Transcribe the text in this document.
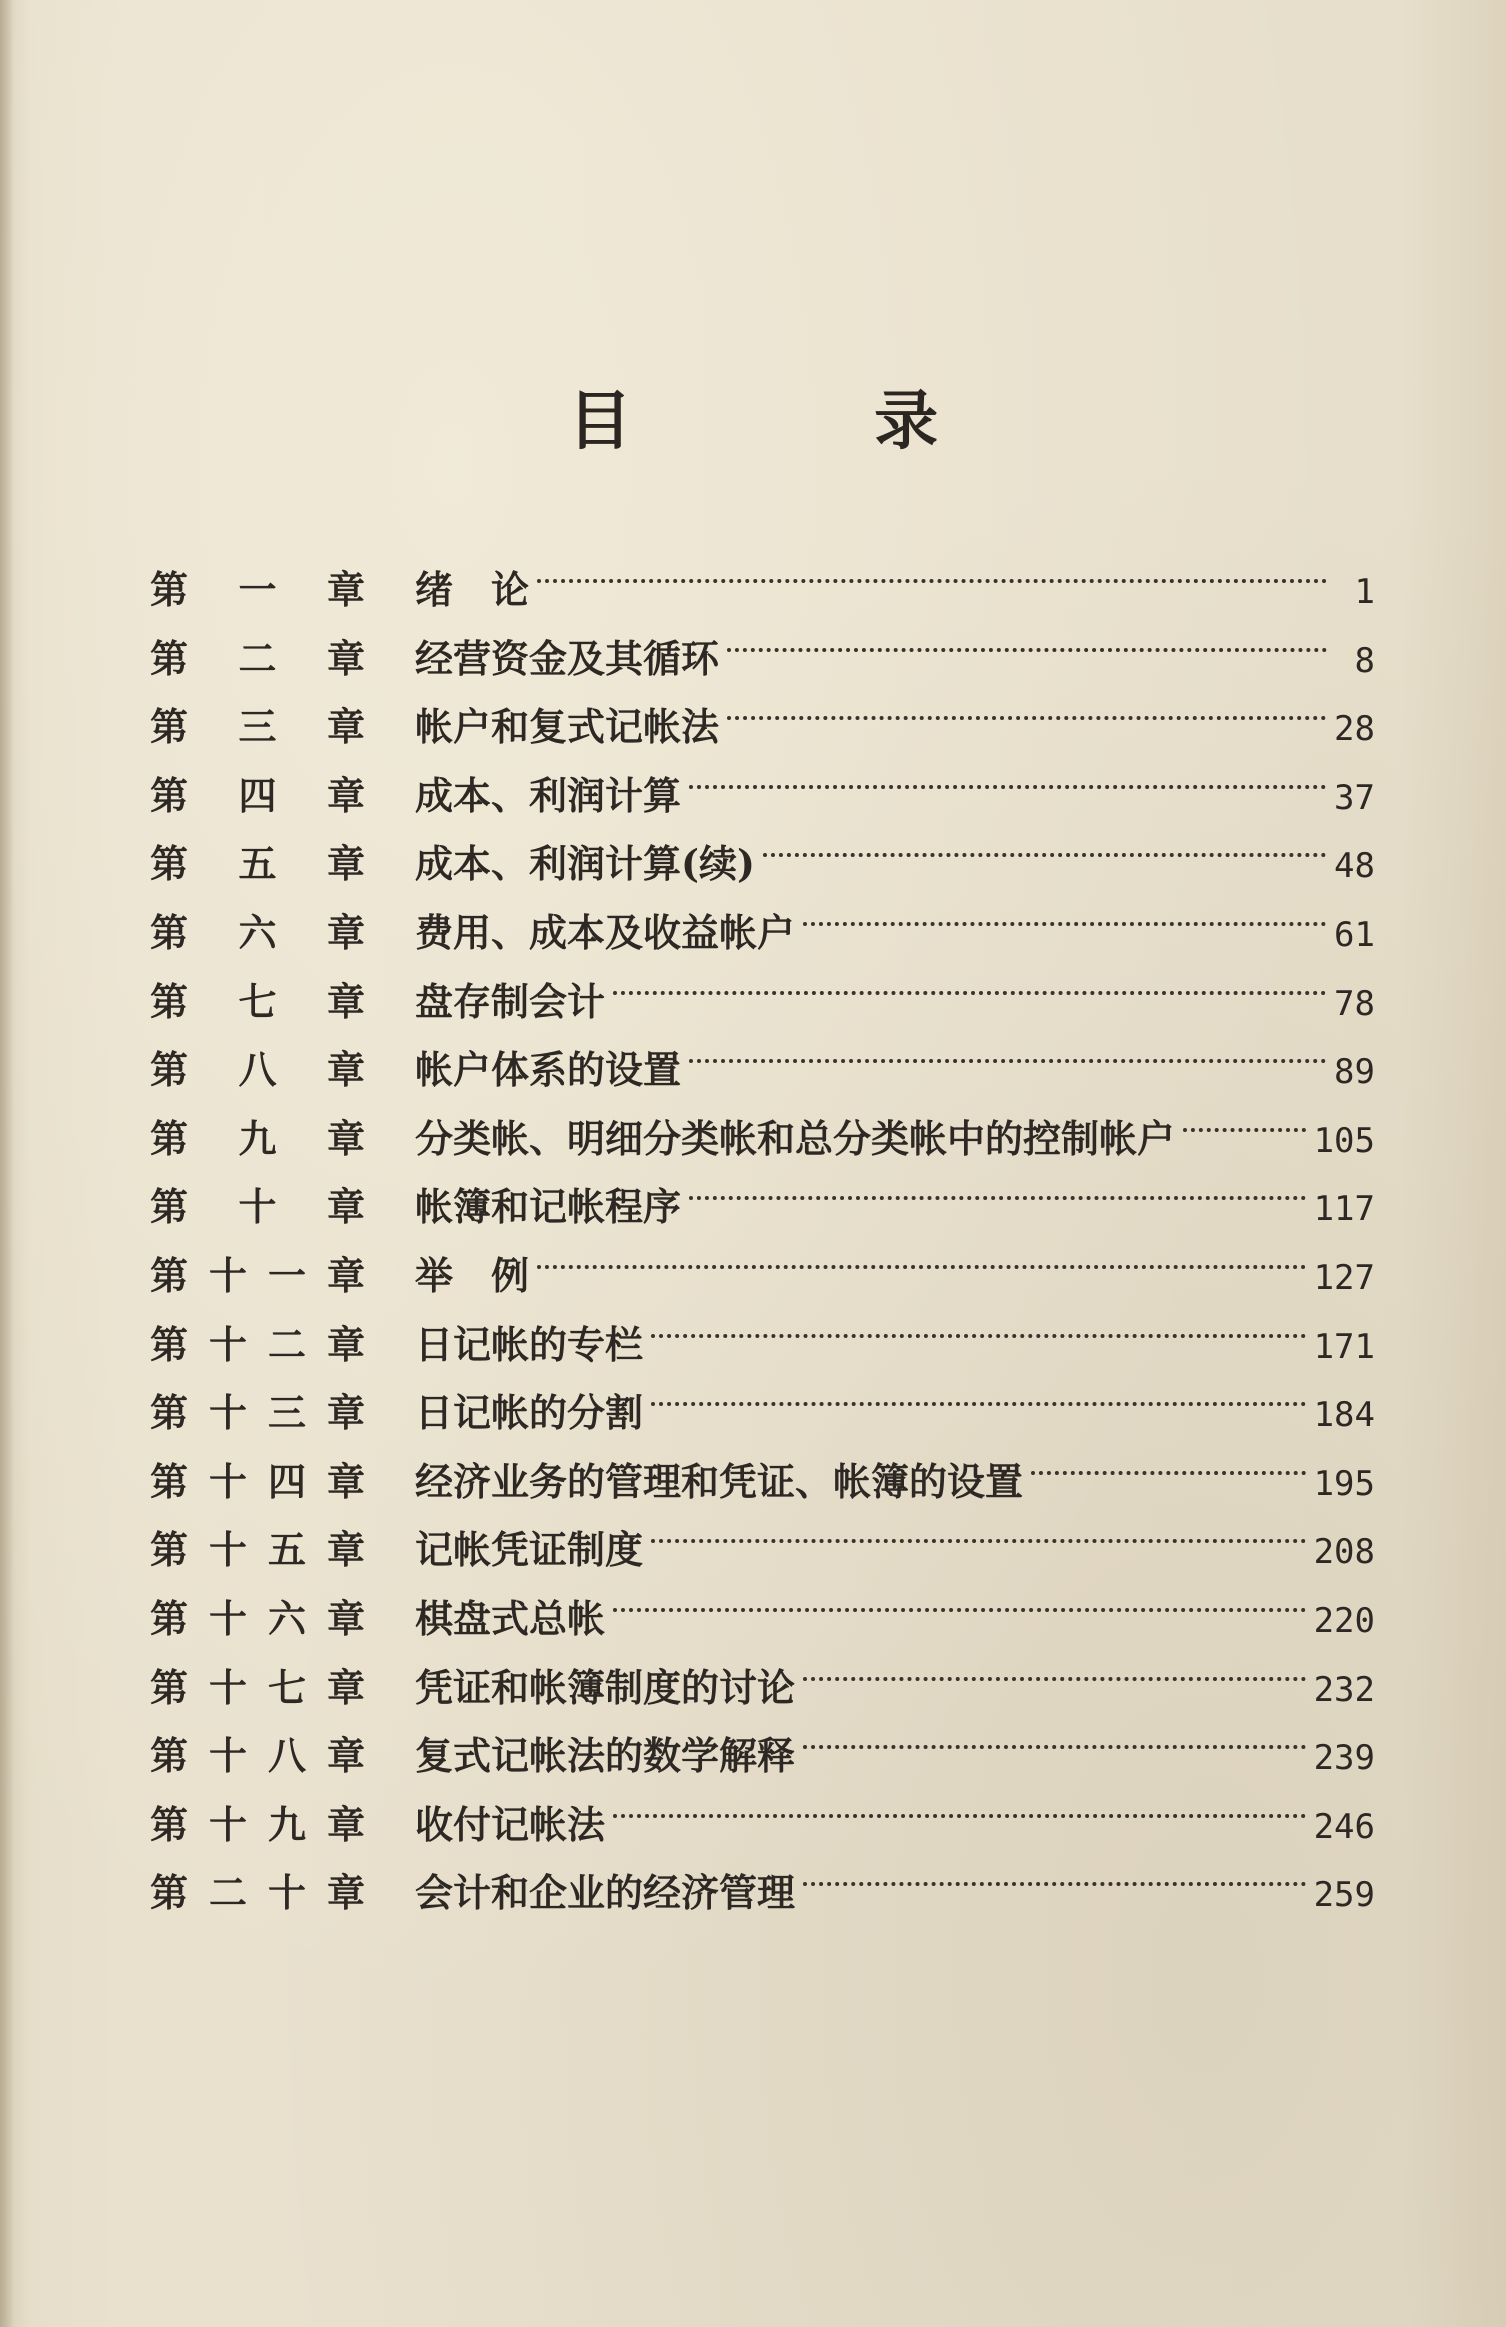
目 录
第 一 章 绪　论	1
第 二 章 经营资金及其循环	8
第 三 章 帐户和复式记帐法	28
第 四 章 成本、利润计算	37
第 五 章 成本、利润计算(续)	48
第 六 章 费用、成本及收益帐户	61
第 七 章 盘存制会计	78
第 八 章 帐户体系的设置	89
第 九 章 分类帐、明细分类帐和总分类帐中的控制帐户	105
第 十 章 帐簿和记帐程序	117
第 十 一 章 举　例	127
第 十 二 章 日记帐的专栏	171
第 十 三 章 日记帐的分割	184
第 十 四 章 经济业务的管理和凭证、帐簿的设置	195
第 十 五 章 记帐凭证制度	208
第 十 六 章 棋盘式总帐	220
第 十 七 章 凭证和帐簿制度的讨论	232
第 十 八 章 复式记帐法的数学解释	239
第 十 九 章 收付记帐法	246
第 二 十 章 会计和企业的经济管理	259
